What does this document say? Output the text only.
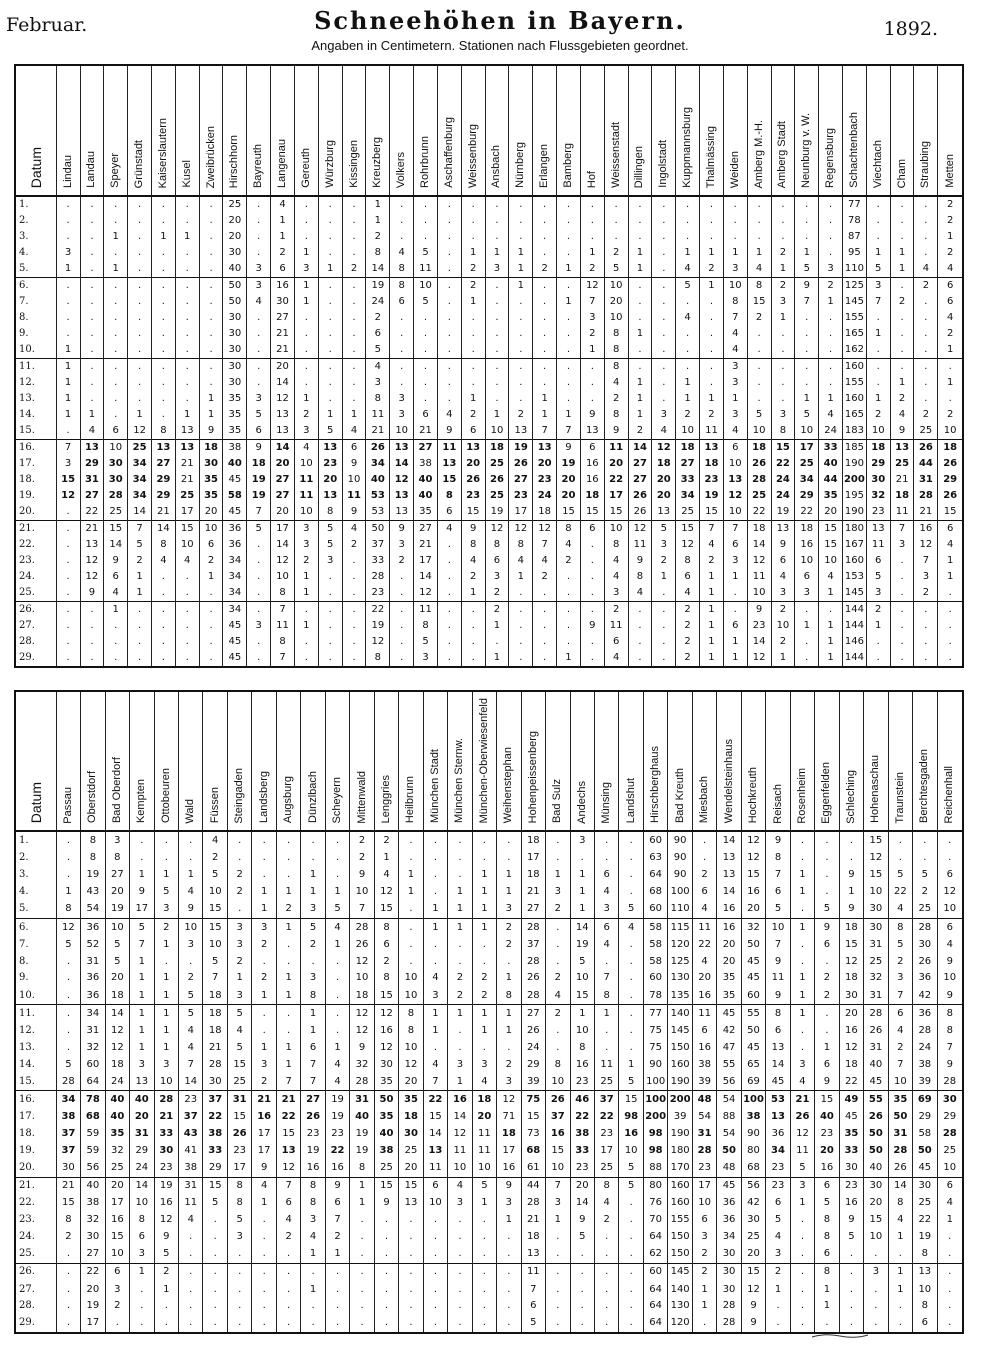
Februar.	Schneehöhen in Bayern.
Angaben in Centimetern. Stationen nach Flussgebieten geordnet.
1892.
Datum	Lindau	Landau	Speyer	Grünstadt	Kaiserslautern	Kusel	Zweibrücken	Hirschhorn	Bayreuth	Langenau	Gereuth	Würzburg	Kissingen	Kreuzberg	Volkers	Rohrbrunn	Aschaffenburg	Weissenburg	Ansbach	Nürnberg	Erlangen	Bamberg	Hof	Weissenstadt	Dillingen	Ingolstadt	Kuppmannsburg	Thalmässing	Weiden	Amberg M.-H.	Amberg Stadt	Neunburg v. W.	Regensburg	Schachtenbach	Viechtach	Cham	Straubing	Metten
1.	.	.	.	.	.	.	.	25	.	4	.	.	.	1	.	.	.	.	.	.	.	.	.	.	.	.	.	.	.	.	.	.	.	77	.	.	.	2
2.	.	.	.	.	.	.	.	20	.	1	.	.	.	1	.	.	.	.	.	.	.	.	.	.	.	.	.	.	.	.	.	.	.	78	.	.	.	2
3.	.	.	1	.	1	1	.	20	.	1	.	.	.	2	.	.	.	.	.	.	.	.	.	.	.	.	.	.	.	.	.	.	.	87	.	.	.	1
4.	3	.	.	.	.	.	.	30	.	2	1	.	.	8	4	5	.	1	1	1	.	.	1	2	1	.	1	1	1	1	2	1	.	95	1	1	.	2
5.	1	.	1	.	.	.	.	40	3	6	3	1	2	14	8	11	.	2	3	1	2	1	2	5	1	.	4	2	3	4	1	5	3	110	5	1	4	4
6.	.	.	.	.	.	.	.	50	3	16	1	.	.	19	8	10	.	2	.	1	.	.	12	10	.	.	5	1	10	8	2	9	2	125	3	.	2	6
7.	.	.	.	.	.	.	.	50	4	30	1	.	.	24	6	5	.	1	.	.	.	1	7	20	.	.	.	.	8	15	3	7	1	145	7	2	.	6
8.	.	.	.	.	.	.	.	30	.	27	.	.	.	2	.	.	.	.	.	.	.	.	3	10	.	.	4	.	7	2	1	.	.	155	.	.	.	4
9.	.	.	.	.	.	.	.	30	.	21	.	.	.	6	.	.	.	.	.	.	.	.	2	8	1	.	.	.	4	.	.	.	.	165	1	.	.	2
10.	1	.	.	.	.	.	.	30	.	21	.	.	.	5	.	.	.	.	.	.	.	.	1	8	.	.	.	.	4	.	.	.	.	162	.	.	.	1
11.	1	.	.	.	.	.	.	30	.	20	.	.	.	4	.	.	.	.	.	.	.	.	.	8	.	.	.	.	3	.	.	.	.	160	.	.	.	.
12.	1	.	.	.	.	.	.	30	.	14	.	.	.	3	.	.	.	.	.	.	.	.	.	4	1	.	1	.	3	.	.	.	.	155	.	1	.	1
13.	1	.	.	.	.	.	1	35	3	12	1	.	.	8	3	.	.	1	.	.	1	.	.	2	1	.	1	1	1	.	.	1	1	160	1	2	.	.
14.	1	1	.	1	.	1	1	35	5	13	2	1	1	11	3	6	4	2	1	2	1	1	9	8	1	3	2	2	3	5	3	5	4	165	2	4	2	2
15.	.	4	6	12	8	13	9	35	6	13	3	5	4	21	10	21	9	6	10	13	7	7	13	9	2	4	10	11	4	10	8	10	24	183	10	9	25	10
16.	7	13	10	25	13	13	18	38	9	14	4	13	6	26	13	27	11	13	18	19	13	9	6	11	14	12	18	13	6	18	15	17	33	185	18	13	26	18
17.	3	29	30	34	27	21	30	40	18	20	10	23	9	34	14	38	13	20	25	26	20	19	16	20	27	18	27	18	10	26	22	25	40	190	29	25	44	26
18.	15	31	30	34	29	21	35	45	19	27	11	20	10	40	12	40	15	26	26	27	23	20	16	22	27	20	33	23	13	28	24	34	44	200	30	21	31	29
19.	12	27	28	34	29	25	35	58	19	27	11	13	11	53	13	40	8	23	25	23	24	20	18	17	26	20	34	19	12	25	24	29	35	195	32	18	28	26
20.	.	22	25	14	21	17	20	45	7	20	10	8	9	53	13	35	6	15	19	17	18	15	15	15	26	13	25	15	10	22	19	22	20	190	23	11	21	15
21.	.	21	15	7	14	15	10	36	5	17	3	5	4	50	9	27	4	9	12	12	12	8	6	10	12	5	15	7	7	18	13	18	15	180	13	7	16	6
22.	.	13	14	5	8	10	6	36	.	14	3	5	2	37	3	21	.	8	8	8	7	4	.	8	11	3	12	4	6	14	9	16	15	167	11	3	12	4
23.	.	12	9	2	4	4	2	34	.	12	2	3	.	33	2	17	.	4	6	4	4	2	.	4	9	2	8	2	3	12	6	10	10	160	6	.	7	1
24.	.	12	6	1	.	.	1	34	.	10	1	.	.	28	.	14	.	2	3	1	2	.	.	4	8	1	6	1	1	11	4	6	4	153	5	.	3	1
25.	.	9	4	1	.	.	.	34	.	8	1	.	.	23	.	12	.	1	2	.	.	.	.	3	4	.	4	1	.	10	3	3	1	145	3	.	2	.
26.	.	.	1	.	.	.	.	34	.	7	.	.	.	22	.	11	.	.	2	.	.	.	.	2	.	.	2	1	.	9	2	.	.	144	2	.	.	.
27.	.	.	.	.	.	.	.	45	3	11	1	.	.	19	.	8	.	.	1	.	.	.	9	11	.	.	2	1	6	23	10	1	1	144	1	.	.	.
28.	.	.	.	.	.	.	.	45	.	8	.	.	.	12	.	5	.	.	.	.	.	.	.	6	.	.	2	1	1	14	2	.	1	146	.	.	.	.
29.	.	.	.	.	.	.	.	45	.	7	.	.	.	8	.	3	.	.	1	.	.	1	.	4	.	.	2	1	1	12	1	.	1	144	.	.	.	.
Datum	Passau	Oberstdorf	Bad Oberdorf	Kempten	Ottobeuren	Wald	Füssen	Steingaden	Landsberg	Augsburg	Dünzlbach	Scheyern	Mittenwald	Lenggries	Heilbrunn	München Stadt	München Sternw.	München-Oberwiesenfeld	Weihenstephan	Hohenpeissenberg	Bad Sulz	Andechs	Münsing	Landshut	Hirschberghaus	Bad Kreuth	Miesbach	Wendelsteinhaus	Hochkreuth	Reisach	Rosenheim	Eggenfelden	Schleching	Hohenaschau	Traunstein	Berchtesgaden	Reichenhall
1.	.	8	3	.	.	.	4	.	.	.	.	.	2	2	.	.	.	.	.	18	.	3	.	.	60	90	.	14	12	9	.	.	.	15	.	.	.
2.	.	8	8	.	.	.	2	.	.	.	.	.	2	1	.	.	.	.	.	17	.	.	.	.	63	90	.	13	12	8	.	.	.	12	.	.	.
3.	.	19	27	1	1	1	5	2	.	.	1	.	9	4	1	.	.	1	1	18	1	1	6	.	64	90	2	13	15	7	1	.	9	15	5	5	6
4.	1	43	20	9	5	4	10	2	1	1	1	1	10	12	1	.	1	1	1	21	3	1	4	.	68	100	6	14	16	6	1	.	1	10	22	2	12
5.	8	54	19	17	3	9	15	.	1	2	3	5	7	15	.	1	1	1	3	27	2	1	3	5	60	110	4	16	20	5	.	5	9	30	4	25	10
6.	12	36	10	5	2	10	15	3	3	1	5	4	28	8	.	1	1	1	2	28	.	14	6	4	58	115	11	16	32	10	1	9	18	30	8	28	6
7.	5	52	5	7	1	3	10	3	2	.	2	1	26	6	.	.	.	.	2	37	.	19	4	.	58	120	22	20	50	7	.	6	15	31	5	30	4
8.	.	31	5	1	.	.	5	2	.	.	.	.	12	2	.	.	.	.	.	28	.	5	.	.	58	125	4	20	45	9	.	.	12	25	2	26	9
9.	.	36	20	1	1	2	7	1	2	1	3	.	10	8	10	4	2	2	1	26	2	10	7	.	60	130	20	35	45	11	1	2	18	32	3	36	10
10.	.	36	18	1	1	5	18	3	1	1	8	.	18	15	10	3	2	2	8	28	4	15	8	.	78	135	16	35	60	9	1	2	30	31	7	42	9
11.	.	34	14	1	1	5	18	5	.	.	1	.	12	12	8	1	1	1	1	27	2	1	1	.	77	140	11	45	55	8	1	.	20	28	6	36	8
12.	.	31	12	1	1	4	18	4	.	.	1	.	12	16	8	1	.	1	1	26	.	10	.	.	75	145	6	42	50	6	.	.	16	26	4	28	8
13.	.	32	12	1	1	4	21	5	1	1	6	1	9	12	10	.	.	.	.	24	.	8	.	.	75	150	16	47	45	13	.	1	12	31	2	24	7
14.	5	60	18	3	3	7	28	15	3	1	7	4	32	30	12	4	3	3	2	29	8	16	11	1	90	160	38	55	65	14	3	6	18	40	7	38	9
15.	28	64	24	13	10	14	30	25	2	7	7	4	28	35	20	7	1	4	3	39	10	23	25	5	100	190	39	56	69	45	4	9	22	45	10	39	28
16.	34	78	40	40	28	23	37	31	21	21	27	19	31	50	35	22	16	18	12	75	26	46	37	15	100	200	48	54	100	53	21	15	49	55	35	69	30
17.	38	68	40	20	21	37	22	15	16	22	26	19	40	35	18	15	14	20	71	15	37	22	22	98	200	39	54	88	38	13	26	40	45	26	50	29	29
18.	37	59	35	31	33	43	38	26	17	15	23	23	19	40	30	14	12	11	18	73	16	38	23	16	98	190	31	54	90	36	12	23	35	50	31	58	28
19.	37	59	32	29	30	41	33	23	17	13	19	22	19	38	25	13	11	11	17	68	15	33	17	10	98	180	28	50	80	34	11	20	33	50	28	50	25
20.	30	56	25	24	23	38	29	17	9	12	16	16	8	25	20	11	10	10	16	61	10	23	25	5	88	170	23	48	68	23	5	16	30	40	26	45	10
21.	21	40	20	14	19	31	15	8	4	7	8	9	1	15	15	6	4	5	9	44	7	20	8	5	80	160	17	45	56	23	3	6	23	30	14	30	6
22.	15	38	17	10	16	11	5	8	1	6	8	6	1	9	13	10	3	1	3	28	3	14	4	.	76	160	10	36	42	6	1	5	16	20	8	25	4
23.	8	32	16	8	12	4	.	5	.	4	3	7	.	.	.	.	.	.	1	21	1	9	2	.	70	155	6	36	30	5	.	8	9	15	4	22	1
24.	2	30	15	6	9	.	.	3	.	2	4	2	.	.	.	.	.	.	.	18	.	5	.	.	64	150	3	34	25	4	.	8	5	10	1	19	.
25.	.	27	10	3	5	.	.	.	.	.	1	1	.	.	.	.	.	.	.	13	.	.	.	.	62	150	2	30	20	3	.	6	.	.	.	8	.
26.	.	22	6	1	2	.	.	.	.	.	.	.	.	.	.	.	.	.	.	11	.	.	.	.	60	145	2	30	15	2	.	8	.	3	1	13	.
27.	.	20	3	.	1	.	.	.	.	.	1	.	.	.	.	.	.	.	.	7	.	.	.	.	64	140	1	30	12	1	.	1	.	.	1	10	.
28.	.	19	2	.	.	.	.	.	.	.	.	.	.	.	.	.	.	.	.	6	.	.	.	.	64	130	1	28	9	.	.	1	.	.	.	8	.
29.	.	17	.	.	.	.	.	.	.	.	.	.	.	.	.	.	.	.	.	5	.	.	.	.	64	120	.	28	9	.	.	.	.	.	.	6	.
